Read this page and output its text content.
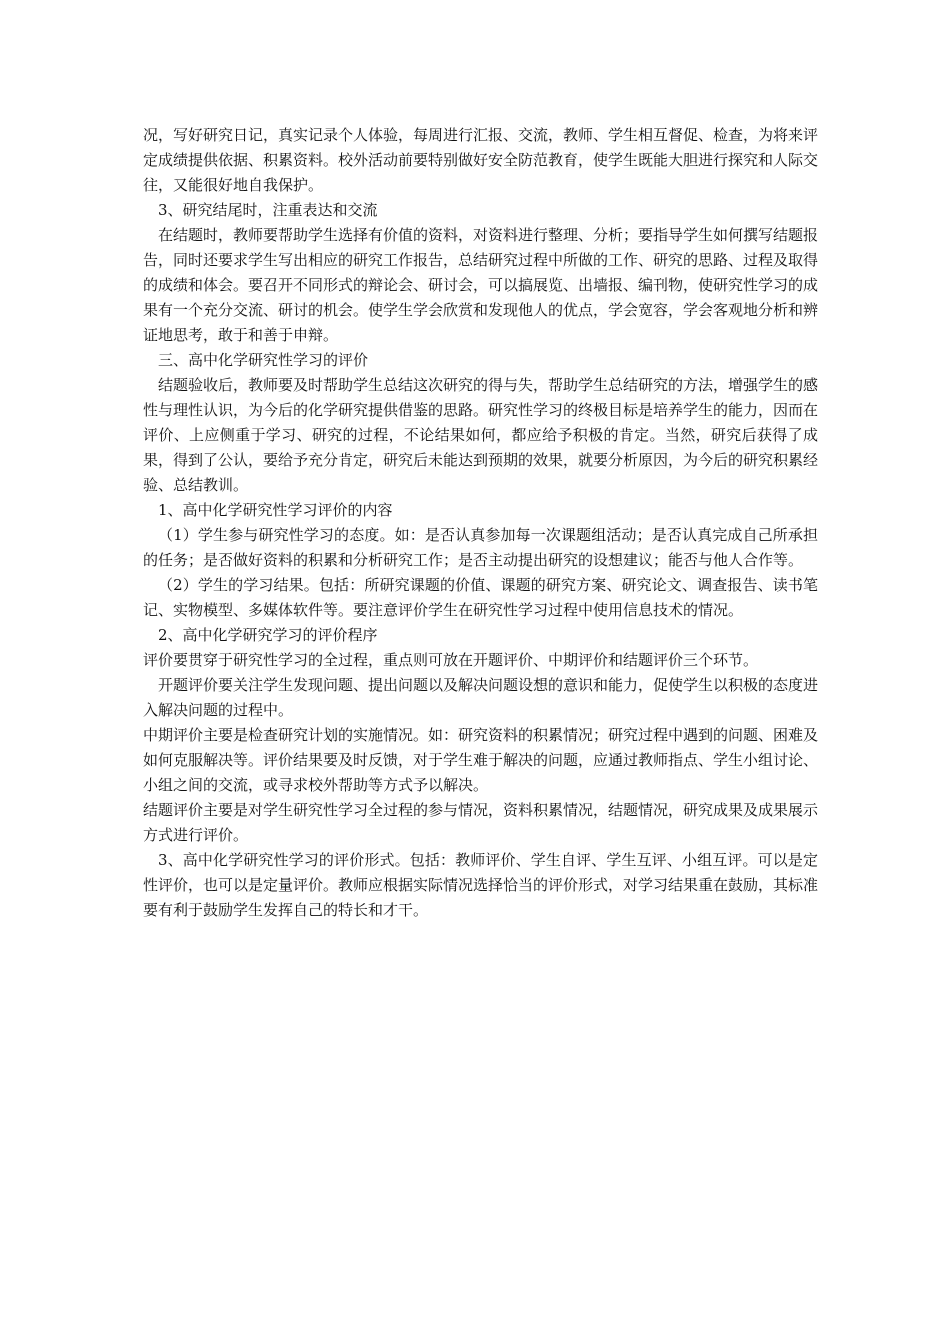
况，写好研究日记，真实记录个人体验，每周进行汇报、交流，教师、学生相互督促、检查，为将来评定成绩提供依据、积累资料。校外活动前要特别做好安全防范教育，使学生既能大胆进行探究和人际交往，又能很好地自我保护。

3、研究结尾时，注重表达和交流

在结题时，教师要帮助学生选择有价值的资料，对资料进行整理、分析；要指导学生如何撰写结题报告，同时还要求学生写出相应的研究工作报告，总结研究过程中所做的工作、研究的思路、过程及取得的成绩和体会。要召开不同形式的辩论会、研讨会，可以搞展览、出墙报、编刊物，使研究性学习的成果有一个充分交流、研讨的机会。使学生学会欣赏和发现他人的优点，学会宽容，学会客观地分析和辨证地思考，敢于和善于申辩。

三、高中化学研究性学习的评价

结题验收后，教师要及时帮助学生总结这次研究的得与失，帮助学生总结研究的方法，增强学生的感性与理性认识，为今后的化学研究提供借鉴的思路。研究性学习的终极目标是培养学生的能力，因而在评价、上应侧重于学习、研究的过程，不论结果如何，都应给予积极的肯定。当然，研究后获得了成果，得到了公认，要给予充分肯定，研究后未能达到预期的效果，就要分析原因，为今后的研究积累经验、总结教训。

1、高中化学研究性学习评价的内容

（1）学生参与研究性学习的态度。如：是否认真参加每一次课题组活动；是否认真完成自己所承担的任务；是否做好资料的积累和分析研究工作；是否主动提出研究的设想建议；能否与他人合作等。

（2）学生的学习结果。包括：所研究课题的价值、课题的研究方案、研究论文、调查报告、读书笔记、实物模型、多媒体软件等。要注意评价学生在研究性学习过程中使用信息技术的情况。

2、高中化学研究学习的评价程序

评价要贯穿于研究性学习的全过程，重点则可放在开题评价、中期评价和结题评价三个环节。

开题评价要关注学生发现问题、提出问题以及解决问题设想的意识和能力，促使学生以积极的态度进入解决问题的过程中。

中期评价主要是检查研究计划的实施情况。如：研究资料的积累情况；研究过程中遇到的问题、困难及如何克服解决等。评价结果要及时反馈，对于学生难于解决的问题，应通过教师指点、学生小组讨论、小组之间的交流，或寻求校外帮助等方式予以解决。

结题评价主要是对学生研究性学习全过程的参与情况，资料积累情况，结题情况，研究成果及成果展示方式进行评价。

3、高中化学研究性学习的评价形式。包括：教师评价、学生自评、学生互评、小组互评。可以是定性评价，也可以是定量评价。教师应根据实际情况选择恰当的评价形式，对学习结果重在鼓励，其标准要有利于鼓励学生发挥自己的特长和才干。
